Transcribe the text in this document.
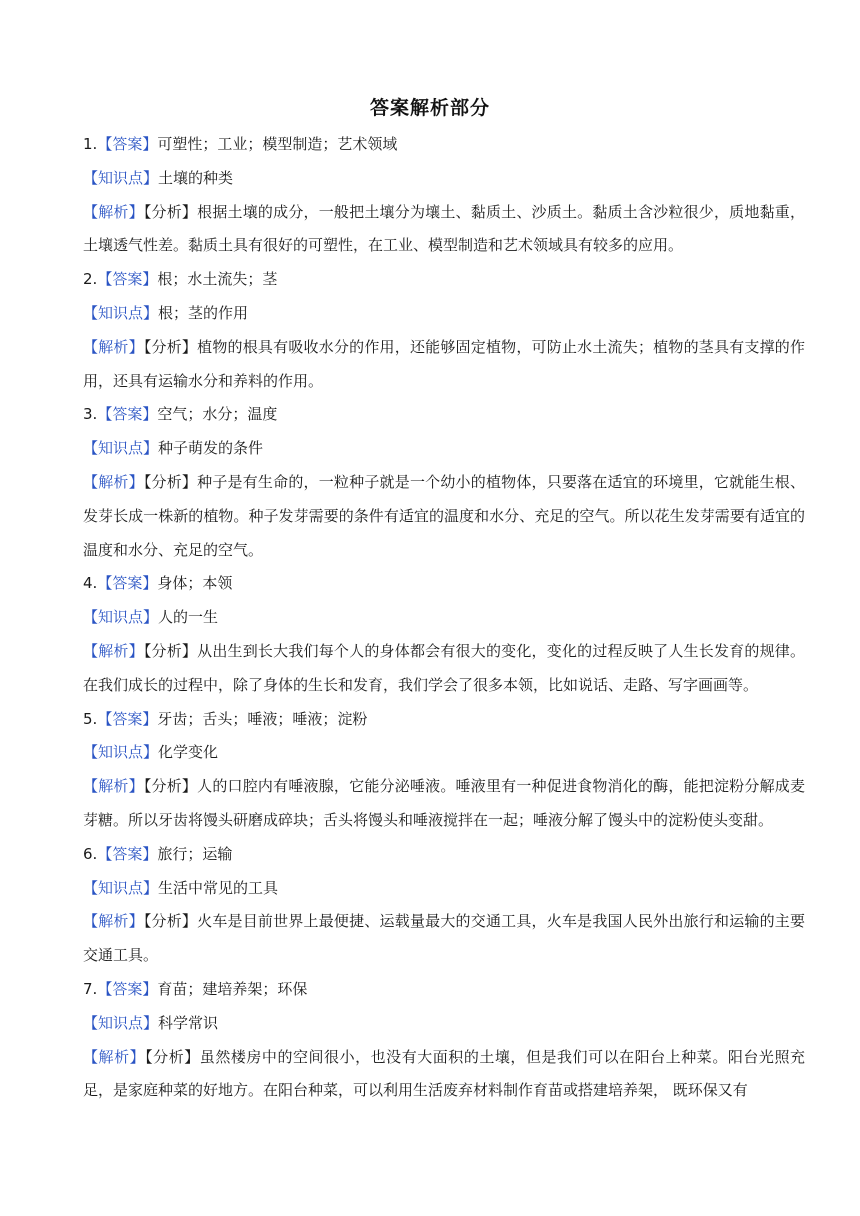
答案解析部分
1.【答案】可塑性；工业；模型制造；艺术领域
【知识点】土壤的种类
【解析】【分析】根据土壤的成分，一般把土壤分为壤土、黏质土、沙质土。黏质土含沙粒很少，质地黏重，土壤透气性差。黏质土具有很好的可塑性，在工业、模型制造和艺术领域具有较多的应用。
2.【答案】根；水土流失；茎
【知识点】根；茎的作用
【解析】【分析】植物的根具有吸收水分的作用，还能够固定植物，可防止水土流失；植物的茎具有支撑的作用，还具有运输水分和养料的作用。
3.【答案】空气；水分；温度
【知识点】种子萌发的条件
【解析】【分析】种子是有生命的，一粒种子就是一个幼小的植物体，只要落在适宜的环境里，它就能生根、发芽长成一株新的植物。种子发芽需要的条件有适宜的温度和水分、充足的空气。所以花生发芽需要有适宜的温度和水分、充足的空气。
4.【答案】身体；本领
【知识点】人的一生
【解析】【分析】从出生到长大我们每个人的身体都会有很大的变化，变化的过程反映了人生长发育的规律。在我们成长的过程中，除了身体的生长和发育，我们学会了很多本领，比如说话、走路、写字画画等。
5.【答案】牙齿；舌头；唾液；唾液；淀粉
【知识点】化学变化
【解析】【分析】人的口腔内有唾液腺，它能分泌唾液。唾液里有一种促进食物消化的酶，能把淀粉分解成麦芽糖。所以牙齿将馒头研磨成碎块；舌头将馒头和唾液搅拌在一起；唾液分解了馒头中的淀粉使头变甜。
6.【答案】旅行；运输
【知识点】生活中常见的工具
【解析】【分析】火车是目前世界上最便捷、运载量最大的交通工具，火车是我国人民外出旅行和运输的主要交通工具。
7.【答案】育苗；建培养架；环保
【知识点】科学常识
【解析】【分析】虽然楼房中的空间很小，也没有大面积的土壤，但是我们可以在阳台上种菜。阳台光照充足，是家庭种菜的好地方。在阳台种菜，可以利用生活废弃材料制作育苗或搭建培养架， 既环保又有
